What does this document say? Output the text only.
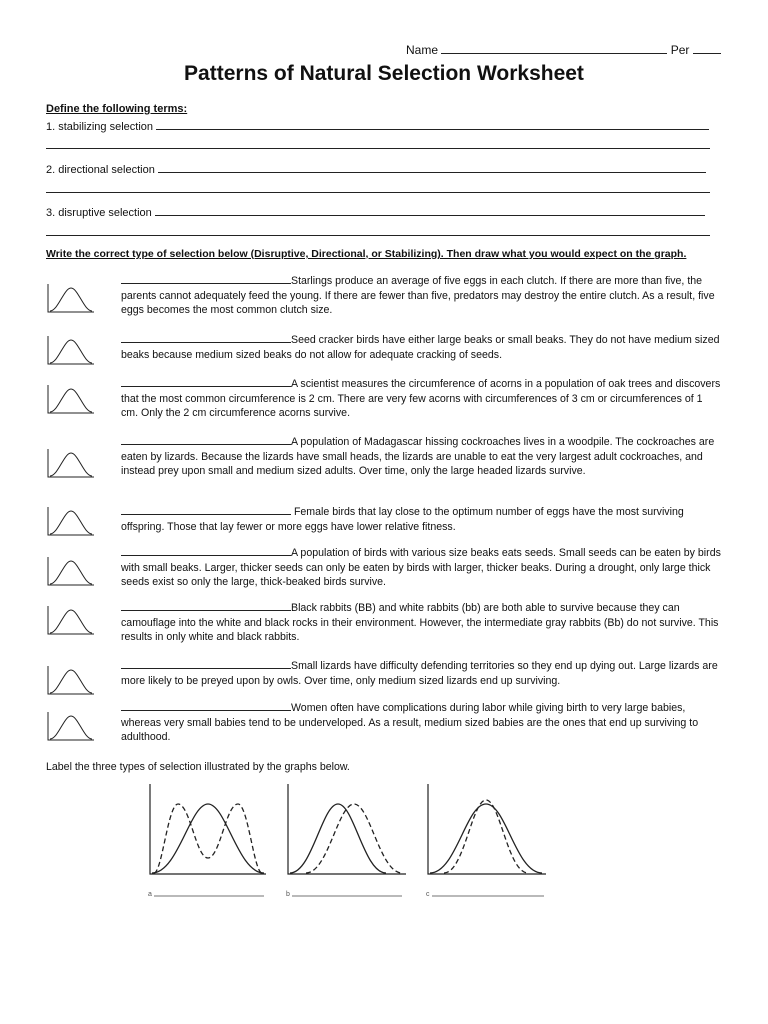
Name	Per
Patterns of Natural Selection Worksheet
Define the following terms:
1. stabilizing selection
2. directional selection
3. disruptive selection
Write the correct type of selection below (Disruptive, Directional, or Stabilizing). Then draw what you would expect on the graph.
Starlings produce an average of five eggs in each clutch. If there are more than five, the parents cannot adequately feed the young. If there are fewer than five, predators may destroy the entire clutch. As a result, five eggs becomes the most common clutch size.
Seed cracker birds have either large beaks or small beaks. They do not have medium sized beaks because medium sized beaks do not allow for adequate cracking of seeds.
A scientist measures the circumference of acorns in a population of oak trees and discovers that the most common circumference is 2 cm. There are very few acorns with circumferences of 3 cm or circumferences of 1 cm. Only the 2 cm circumference acorns survive.
A population of Madagascar hissing cockroaches lives in a woodpile. The cockroaches are eaten by lizards. Because the lizards have small heads, the lizards are unable to eat the very largest adult cockroaches, and instead prey upon small and medium sized adults. Over time, only the large headed lizards survive.
Female birds that lay close to the optimum number of eggs have the most surviving offspring. Those that lay fewer or more eggs have lower relative fitness.
A population of birds with various size beaks eats seeds. Small seeds can be eaten by birds with small beaks. Larger, thicker seeds can only be eaten by birds with larger, thicker beaks. During a drought, only large thick seeds exist so only the large, thick-beaked birds survive.
Black rabbits (BB) and white rabbits (bb) are both able to survive because they can camouflage into the white and black rocks in their environment. However, the intermediate gray rabbits (Bb) do not survive. This results in only white and black rabbits.
Small lizards have difficulty defending territories so they end up dying out. Large lizards are more likely to be preyed upon by owls. Over time, only medium sized lizards end up surviving.
Women often have complications during labor while giving birth to very large babies, whereas very small babies tend to be underveloped. As a result, medium sized babies are the ones that end up surviving to adulthood.
Label the three types of selection illustrated by the graphs below.
a	b	c
